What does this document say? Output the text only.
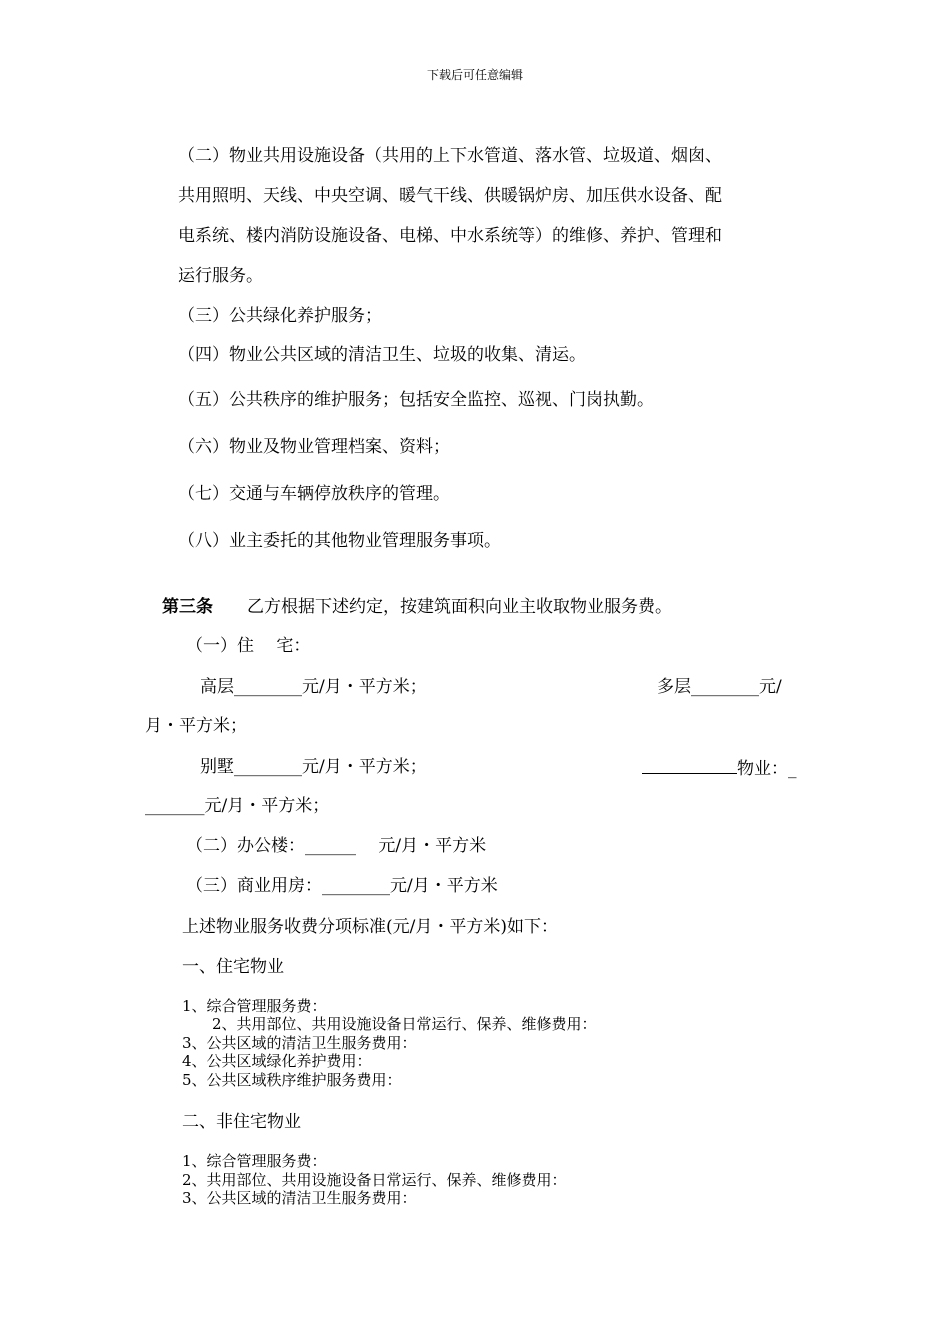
下载后可任意编辑
（二）物业共用设施设备（共用的上下水管道、落水管、垃圾道、烟囱、
共用照明、天线、中央空调、暖气干线、供暖锅炉房、加压供水设备、配
电系统、楼内消防设施设备、电梯、中水系统等）的维修、养护、管理和
运行服务。
（三）公共绿化养护服务；
（四）物业公共区域的清洁卫生、垃圾的收集、清运。
（五）公共秩序的维护服务；包括安全监控、巡视、门岗执勤。
（六）物业及物业管理档案、资料；
（七）交通与车辆停放秩序的管理。
（八）业主委托的其他物业管理服务事项。
第三条 乙方根据下述约定，按建筑面积向业主收取物业服务费。
（一）住　 宅：
高层________元/月・平方米；	多层________元/
月・平方米；
别墅________元/月・平方米；	物业：_
_______元/月・平方米；
（二）办公楼：______　 元/月・平方米
（三）商业用房：________元/月・平方米
上述物业服务收费分项标准(元/月・平方米)如下：
一、住宅物业
1、综合管理服务费：
2、共用部位、共用设施设备日常运行、保养、维修费用：
3、公共区域的清洁卫生服务费用：
4、公共区域绿化养护费用：
5、公共区域秩序维护服务费用：
二、非住宅物业
1、综合管理服务费：
2、共用部位、共用设施设备日常运行、保养、维修费用：
3、公共区域的清洁卫生服务费用：
